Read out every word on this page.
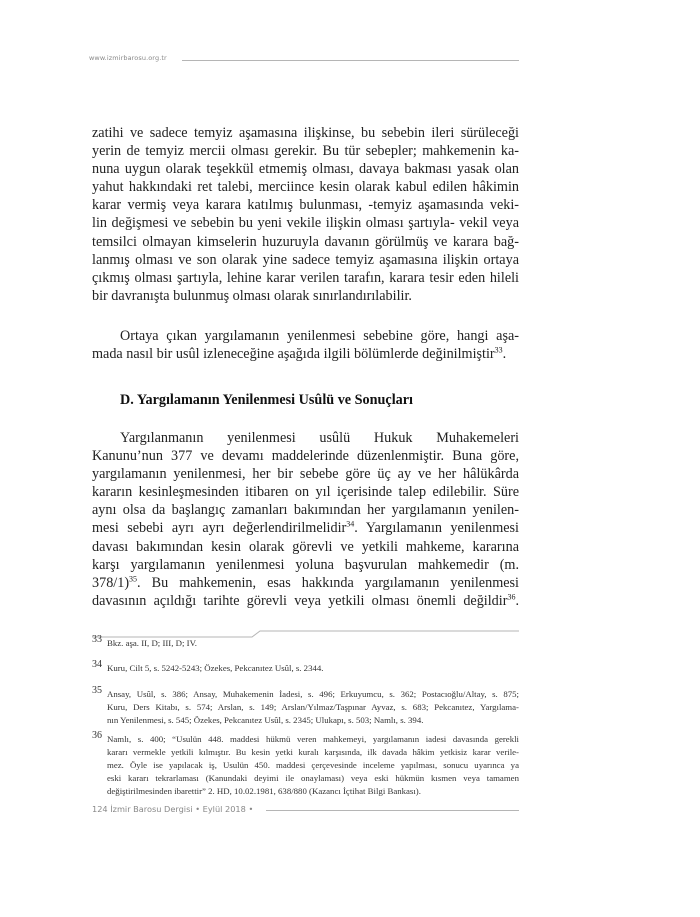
www.izmirbarosu.org.tr
zatihi ve sadece temyiz aşamasına ilişkinse, bu sebebin ileri sürüleceği
yerin de temyiz mercii olması gerekir. Bu tür sebepler; mahkemenin ka-
nuna uygun olarak teşekkül etmemiş olması, davaya bakması yasak olan
yahut hakkındaki ret talebi, merciince kesin olarak kabul edilen hâkimin
karar vermiş veya karara katılmış bulunması, -temyiz aşamasında veki-
lin değişmesi ve sebebin bu yeni vekile ilişkin olması şartıyla- vekil veya
temsilci olmayan kimselerin huzuruyla davanın görülmüş ve karara bağ-
lanmış olması ve son olarak yine sadece temyiz aşamasına ilişkin ortaya
çıkmış olması şartıyla, lehine karar verilen tarafın, karara tesir eden hileli
bir davranışta bulunmuş olması olarak sınırlandırılabilir.
Ortaya çıkan yargılamanın yenilenmesi sebebine göre, hangi aşa-
mada nasıl bir usûl izleneceğine aşağıda ilgili bölümlerde değinilmiştir$^{33}$.
D. Yargılamanın Yenilenmesi Usûlü ve Sonuçları
Yargılanmanın yenilenmesi usûlü Hukuk Muhakemeleri
Kanunu’nun 377 ve devamı maddelerinde düzenlenmiştir. Buna göre,
yargılamanın yenilenmesi, her bir sebebe göre üç ay ve her hâlükârda
kararın kesinleşmesinden itibaren on yıl içerisinde talep edilebilir. Süre
aynı olsa da başlangıç zamanları bakımından her yargılamanın yenilen-
mesi sebebi ayrı ayrı değerlendirilmelidir$^{34}$. Yargılamanın yenilenmesi
davası bakımından kesin olarak görevli ve yetkili mahkeme, kararına
karşı yargılamanın yenilenmesi yoluna başvurulan mahkemedir (m.
378/1)$^{35}$. Bu mahkemenin, esas hakkında yargılamanın yenilenmesi
davasının açıldığı tarihte görevli veya yetkili olması önemli değildir$^{36}$.
33 Bkz. aşa. II, D; III, D; IV.
34 Kuru, Cilt 5, s. 5242-5243; Özekes, Pekcanıtez Usûl, s. 2344.
35 Ansay, Usûl, s. 386; Ansay, Muhakemenin İadesi, s. 496; Erkuyumcu, s. 362; Postacıoğlu/Altay, s. 875;
Kuru, Ders Kitabı, s. 574; Arslan, s. 149; Arslan/Yılmaz/Taşpınar Ayvaz, s. 683; Pekcanıtez, Yargılama-
nın Yenilenmesi, s. 545; Özekes, Pekcanıtez Usûl, s. 2345; Ulukapı, s. 503; Namlı, s. 394.
36 Namlı, s. 400; “Usulün 448. maddesi hükmü veren mahkemeyi, yargılamanın iadesi davasında gerekli
kararı vermekle yetkili kılmıştır. Bu kesin yetki kuralı karşısında, ilk davada hâkim yetkisiz karar verile-
mez. Öyle ise yapılacak iş, Usulün 450. maddesi çerçevesinde inceleme yapılması, sonucu uyarınca ya
eski kararı tekrarlaması (Kanundaki deyimi ile onaylaması) veya eski hükmün kısmen veya tamamen
değiştirilmesinden ibarettir” 2. HD, 10.02.1981, 638/880 (Kazancı İçtihat Bilgi Bankası).
124 İzmir Barosu Dergisi • Eylül 2018 •
